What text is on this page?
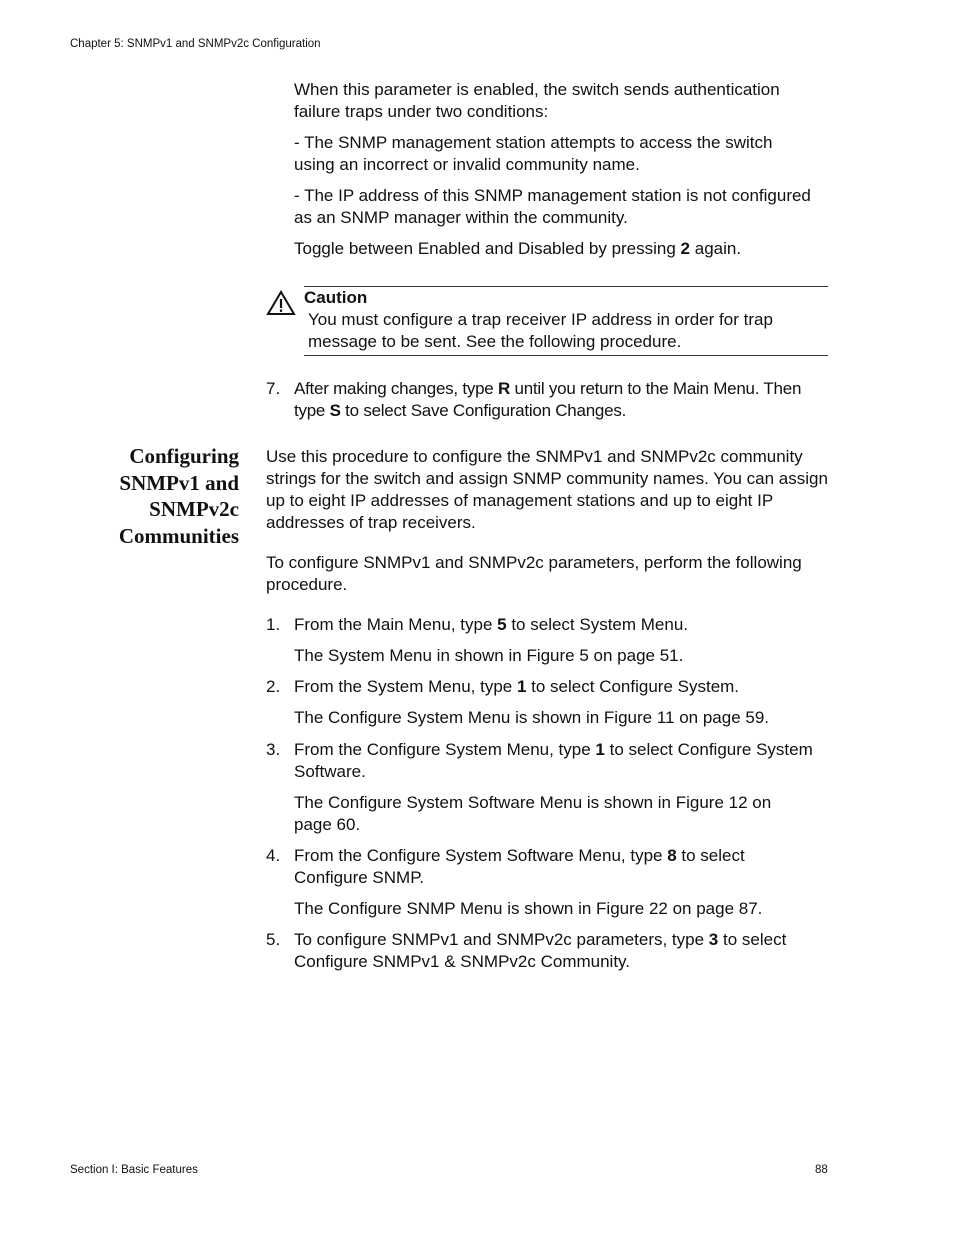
Chapter 5: SNMPv1 and SNMPv2c Configuration

When this parameter is enabled, the switch sends authentication failure traps under two conditions:

- The SNMP management station attempts to access the switch using an incorrect or invalid community name.

- The IP address of this SNMP management station is not configured as an SNMP manager within the community.

Toggle between Enabled and Disabled by pressing 2 again.

Caution
You must configure a trap receiver IP address in order for trap message to be sent. See the following procedure.
7. After making changes, type R until you return to the Main Menu. Then type S to select Save Configuration Changes.

Configuring
SNMPv1 and
SNMPv2c
Communities

Use this procedure to configure the SNMPv1 and SNMPv2c community strings for the switch and assign SNMP community names. You can assign up to eight IP addresses of management stations and up to eight IP addresses of trap receivers.

To configure SNMPv1 and SNMPv2c parameters, perform the following procedure.

1. From the Main Menu, type 5 to select System Menu.

The System Menu in shown in Figure 5 on page 51.

2. From the System Menu, type 1 to select Configure System.

The Configure System Menu is shown in Figure 11 on page 59.

3. From the Configure System Menu, type 1 to select Configure System Software.

The Configure System Software Menu is shown in Figure 12 on page 60.

4. From the Configure System Software Menu, type 8 to select Configure SNMP.

The Configure SNMP Menu is shown in Figure 22 on page 87.

5. To configure SNMPv1 and SNMPv2c parameters, type 3 to select Configure SNMPv1 & SNMPv2c Community.

Section I: Basic Features	88
